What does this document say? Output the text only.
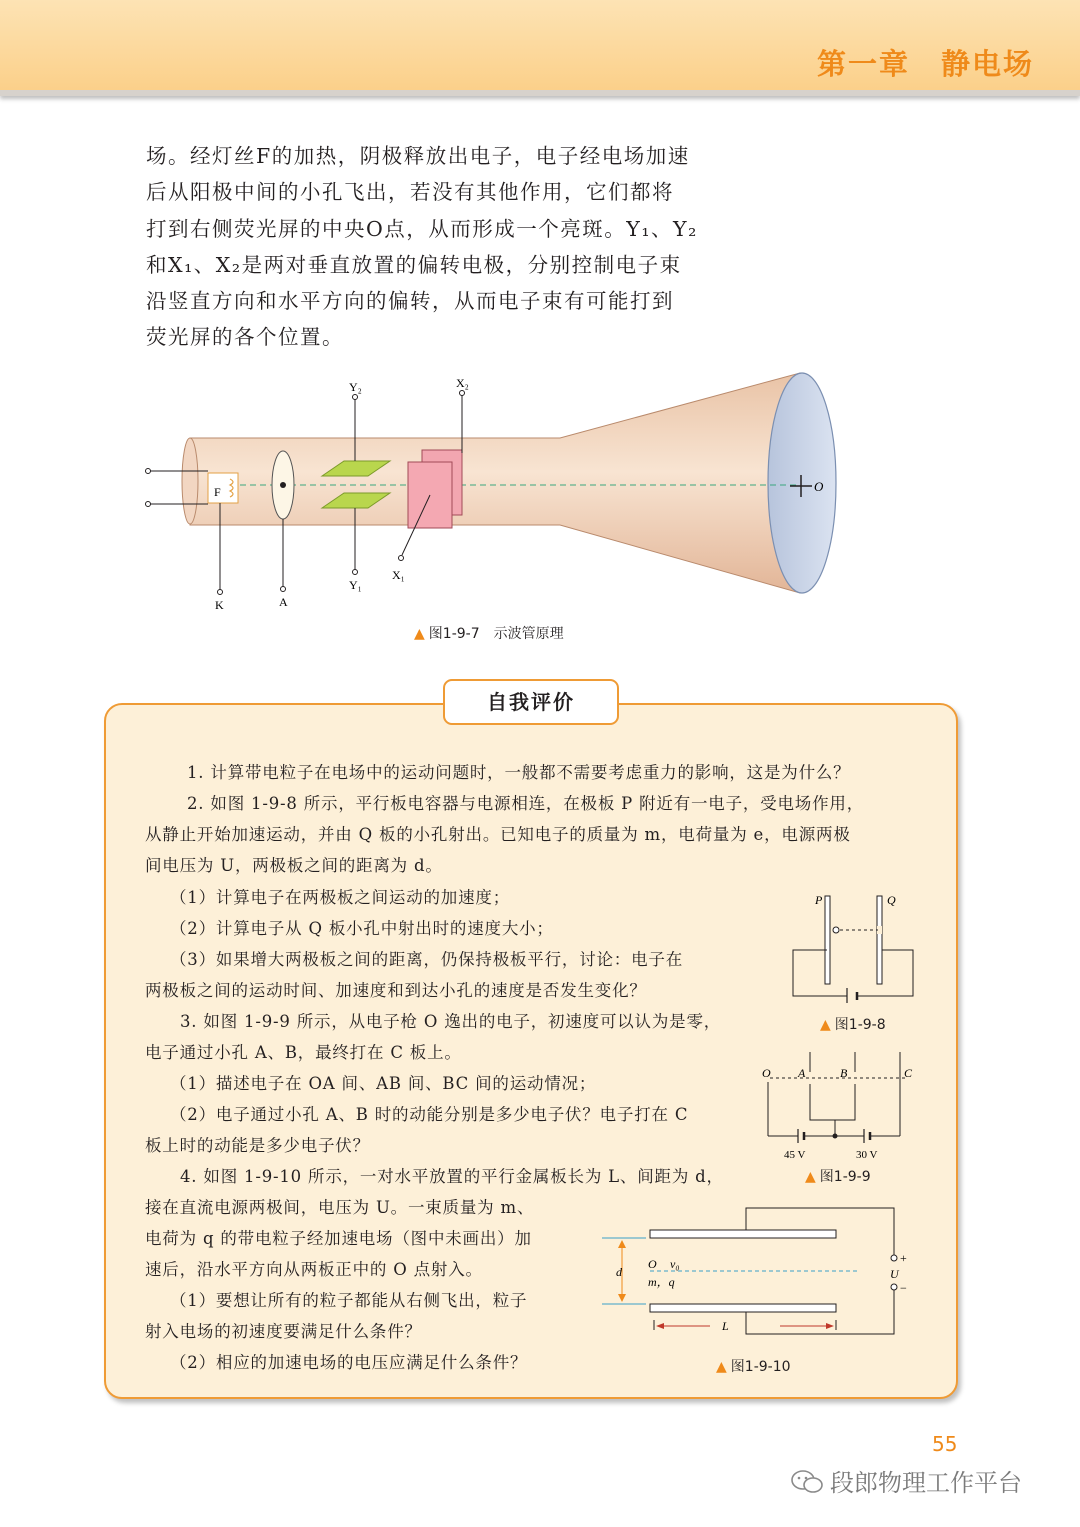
第一章　静电场
场。经灯丝F的加热，阴极释放出电子，电子经电场加速
后从阳极中间的小孔飞出，若没有其他作用，它们都将
打到右侧荧光屏的中央O点，从而形成一个亮斑。Y₁、Y₂
和X₁、X₂是两对垂直放置的偏转电极，分别控制电子束
沿竖直方向和水平方向的偏转，从而电子束有可能打到
荧光屏的各个位置。
F
K	A
Y₂
Y₁
X₂
X₁
O
▲ 图1-9-7　示波管原理
自我评价
1. 计算带电粒子在电场中的运动问题时，一般都不需要考虑重力的影响，这是为什么？
2. 如图 1-9-8 所示，平行板电容器与电源相连，在极板 P 附近有一电子，受电场作用，
从静止开始加速运动，并由 Q 板的小孔射出。已知电子的质量为 m，电荷量为 e，电源两极
间电压为 U，两极板之间的距离为 d。
（1）计算电子在两极板之间运动的加速度；
（2）计算电子从 Q 板小孔中射出时的速度大小；
（3）如果增大两极板之间的距离，仍保持极板平行，讨论：电子在
两极板之间的运动时间、加速度和到达小孔的速度是否发生变化？
3. 如图 1-9-9 所示，从电子枪 O 逸出的电子，初速度可以认为是零，
电子通过小孔 A、B，最终打在 C 板上。
（1）描述电子在 OA 间、AB 间、BC 间的运动情况；
（2）电子通过小孔 A、B 时的动能分别是多少电子伏？电子打在 C
板上时的动能是多少电子伏？
4. 如图 1-9-10 所示，一对水平放置的平行金属板长为 L、间距为 d，
接在直流电源两极间，电压为 U。一束质量为 m、
电荷为 q 的带电粒子经加速电场（图中未画出）加
速后，沿水平方向从两板正中的 O 点射入。
（1）要想让所有的粒子都能从右侧飞出，粒子
射入电场的初速度要满足什么条件？
（2）相应的加速电场的电压应满足什么条件？
P	Q
▲ 图1-9-8
O A	B	C
45 V	30 V
▲ 图1-9-9
O v₀
m，q
d	U
+
−
L
▲ 图1-9-10
55
段郎物理工作平台
